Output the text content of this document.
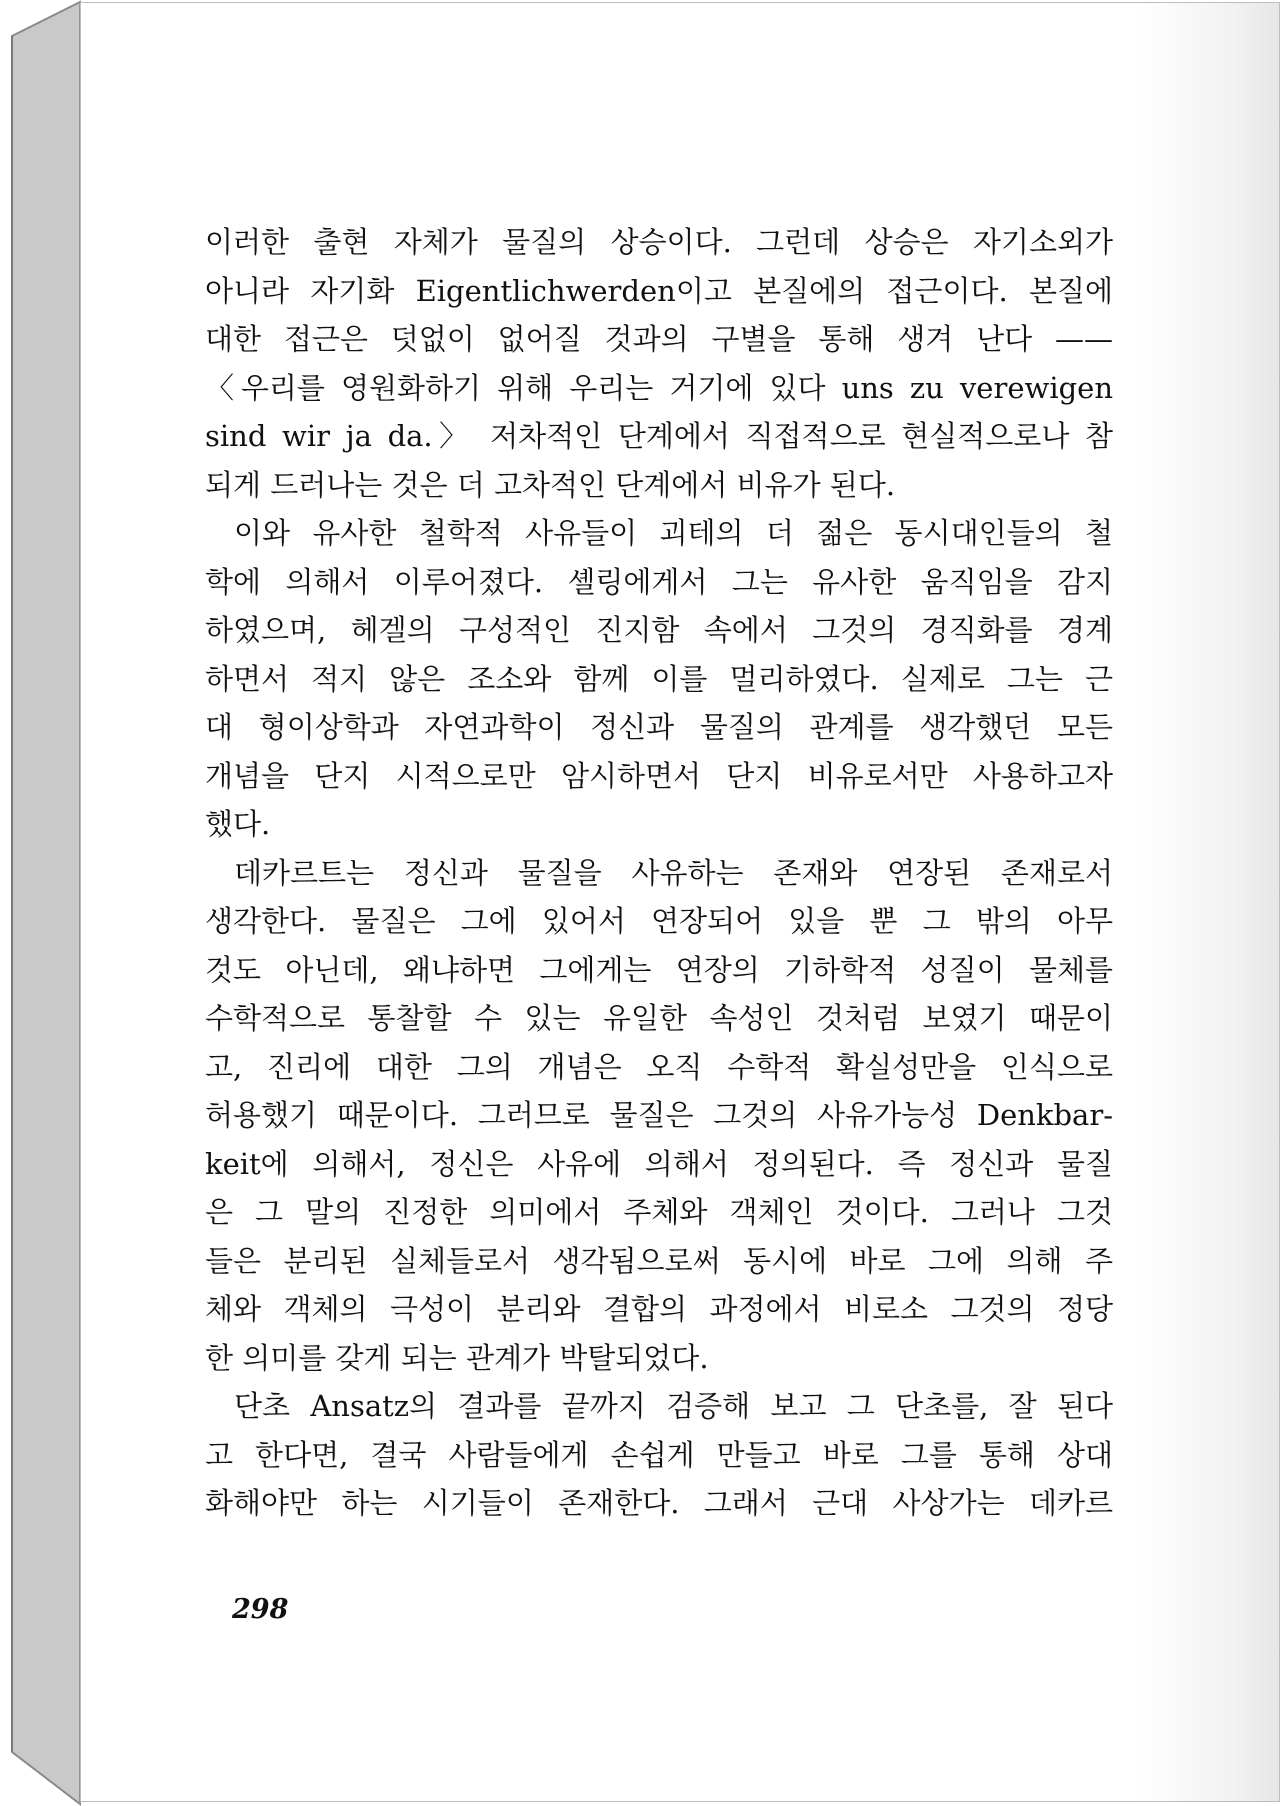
이러한 출현 자체가 물질의 상승이다. 그런데 상승은 자기소외가
아니라 자기화 Eigentlichwerden이고 본질에의 접근이다. 본질에
대한 접근은 덧없이 없어질 것과의 구별을 통해 생겨 난다 ——
〈우리를 영원화하기 위해 우리는 거기에 있다 uns zu verewigen
sind wir ja da.〉 저차적인 단계에서 직접적으로 현실적으로나 참
되게 드러나는 것은 더 고차적인 단계에서 비유가 된다.
이와 유사한 철학적 사유들이 괴테의 더 젊은 동시대인들의 철
학에 의해서 이루어졌다. 셸링에게서 그는 유사한 움직임을 감지
하였으며, 헤겔의 구성적인 진지함 속에서 그것의 경직화를 경계
하면서 적지 않은 조소와 함께 이를 멀리하였다. 실제로 그는 근
대 형이상학과 자연과학이 정신과 물질의 관계를 생각했던 모든
개념을 단지 시적으로만 암시하면서 단지 비유로서만 사용하고자
했다.
데카르트는 정신과 물질을 사유하는 존재와 연장된 존재로서
생각한다. 물질은 그에 있어서 연장되어 있을 뿐 그 밖의 아무
것도 아닌데, 왜냐하면 그에게는 연장의 기하학적 성질이 물체를
수학적으로 통찰할 수 있는 유일한 속성인 것처럼 보였기 때문이
고, 진리에 대한 그의 개념은 오직 수학적 확실성만을 인식으로
허용했기 때문이다. 그러므로 물질은 그것의 사유가능성 Denkbar-
keit에 의해서, 정신은 사유에 의해서 정의된다. 즉 정신과 물질
은 그 말의 진정한 의미에서 주체와 객체인 것이다. 그러나 그것
들은 분리된 실체들로서 생각됨으로써 동시에 바로 그에 의해 주
체와 객체의 극성이 분리와 결합의 과정에서 비로소 그것의 정당
한 의미를 갖게 되는 관계가 박탈되었다.
단초 Ansatz의 결과를 끝까지 검증해 보고 그 단초를, 잘 된다
고 한다면, 결국 사람들에게 손쉽게 만들고 바로 그를 통해 상대
화해야만 하는 시기들이 존재한다. 그래서 근대 사상가는 데카르
298
